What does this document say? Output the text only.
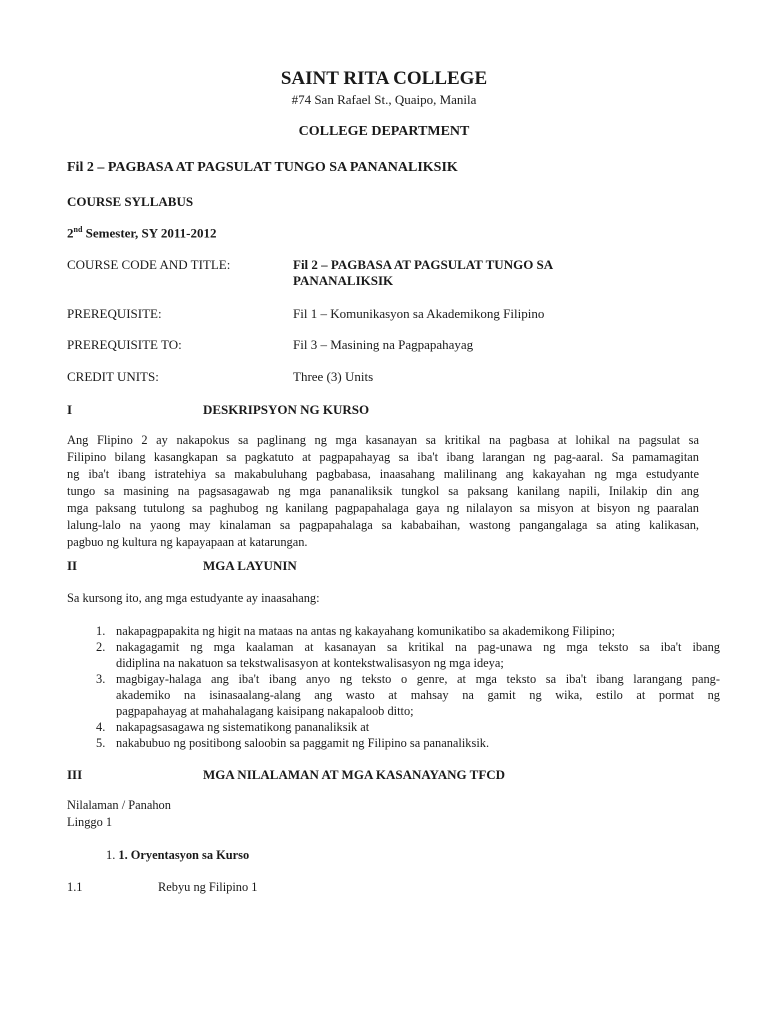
SAINT RITA COLLEGE
#74 San Rafael St., Quaipo, Manila
COLLEGE DEPARTMENT
Fil 2 – PAGBASA AT PAGSULAT TUNGO SA PANANALIKSIK
COURSE SYLLABUS
2nd Semester, SY 2011-2012
COURSE CODE AND TITLE:	Fil 2 – PAGBASA AT PAGSULAT TUNGO SA
PANANALIKSIK
PREREQUISITE:	Fil 1 – Komunikasyon sa Akademikong Filipino
PREREQUISITE TO:	Fil 3 – Masining na Pagpapahayag
CREDIT UNITS:	Three (3) Units
I	DESKRIPSYON NG KURSO
Ang Flipino 2 ay nakapokus sa paglinang ng mga kasanayan sa kritikal na pagbasa at lohikal na pagsulat sa
Filipino bilang kasangkapan sa pagkatuto at pagpapahayag sa iba't ibang larangan ng pag-aaral. Sa pamamagitan
ng iba't ibang istratehiya sa makabuluhang pagbabasa, inaasahang malilinang ang kakayahan ng mga estudyante
tungo sa masining na pagsasagawab ng mga pananaliksik tungkol sa paksang kanilang napili, Inilakip din ang
mga paksang tutulong sa paghubog ng kanilang pagpapahalaga gaya ng nilalayon sa misyon at bisyon ng paaralan
lalung-lalo na yaong may kinalaman sa pagpapahalaga sa kababaihan, wastong pangangalaga sa ating kalikasan,
pagbuo ng kultura ng kapayapaan at katarungan.
II	MGA LAYUNIN
Sa kursong ito, ang mga estudyante ay inaasahang:
1. nakapagpapakita ng higit na mataas na antas ng kakayahang komunikatibo sa akademikong Filipino;
2. nakagagamit ng mga kaalaman at kasanayan sa kritikal na pag-unawa ng mga teksto sa iba't ibang
didiplina na nakatuon sa tekstwalisasyon at kontekstwalisasyon ng mga ideya;
3. magbigay-halaga ang iba't ibang anyo ng teksto o genre, at mga teksto sa iba't ibang larangang pang-
akademiko na isinasaalang-alang ang wasto at mahsay na gamit ng wika, estilo at pormat ng
pagpapahayag at mahahalagang kaisipang nakapaloob ditto;
4. nakapagsasagawa ng sistematikong pananaliksik at
5. nakabubuo ng positibong saloobin sa paggamit ng Filipino sa pananaliksik.
III	MGA NILALAMAN AT MGA KASANAYANG TFCD
Nilalaman / Panahon
Linggo 1
1. 1. Oryentasyon sa Kurso
1.1	Rebyu ng Filipino 1
